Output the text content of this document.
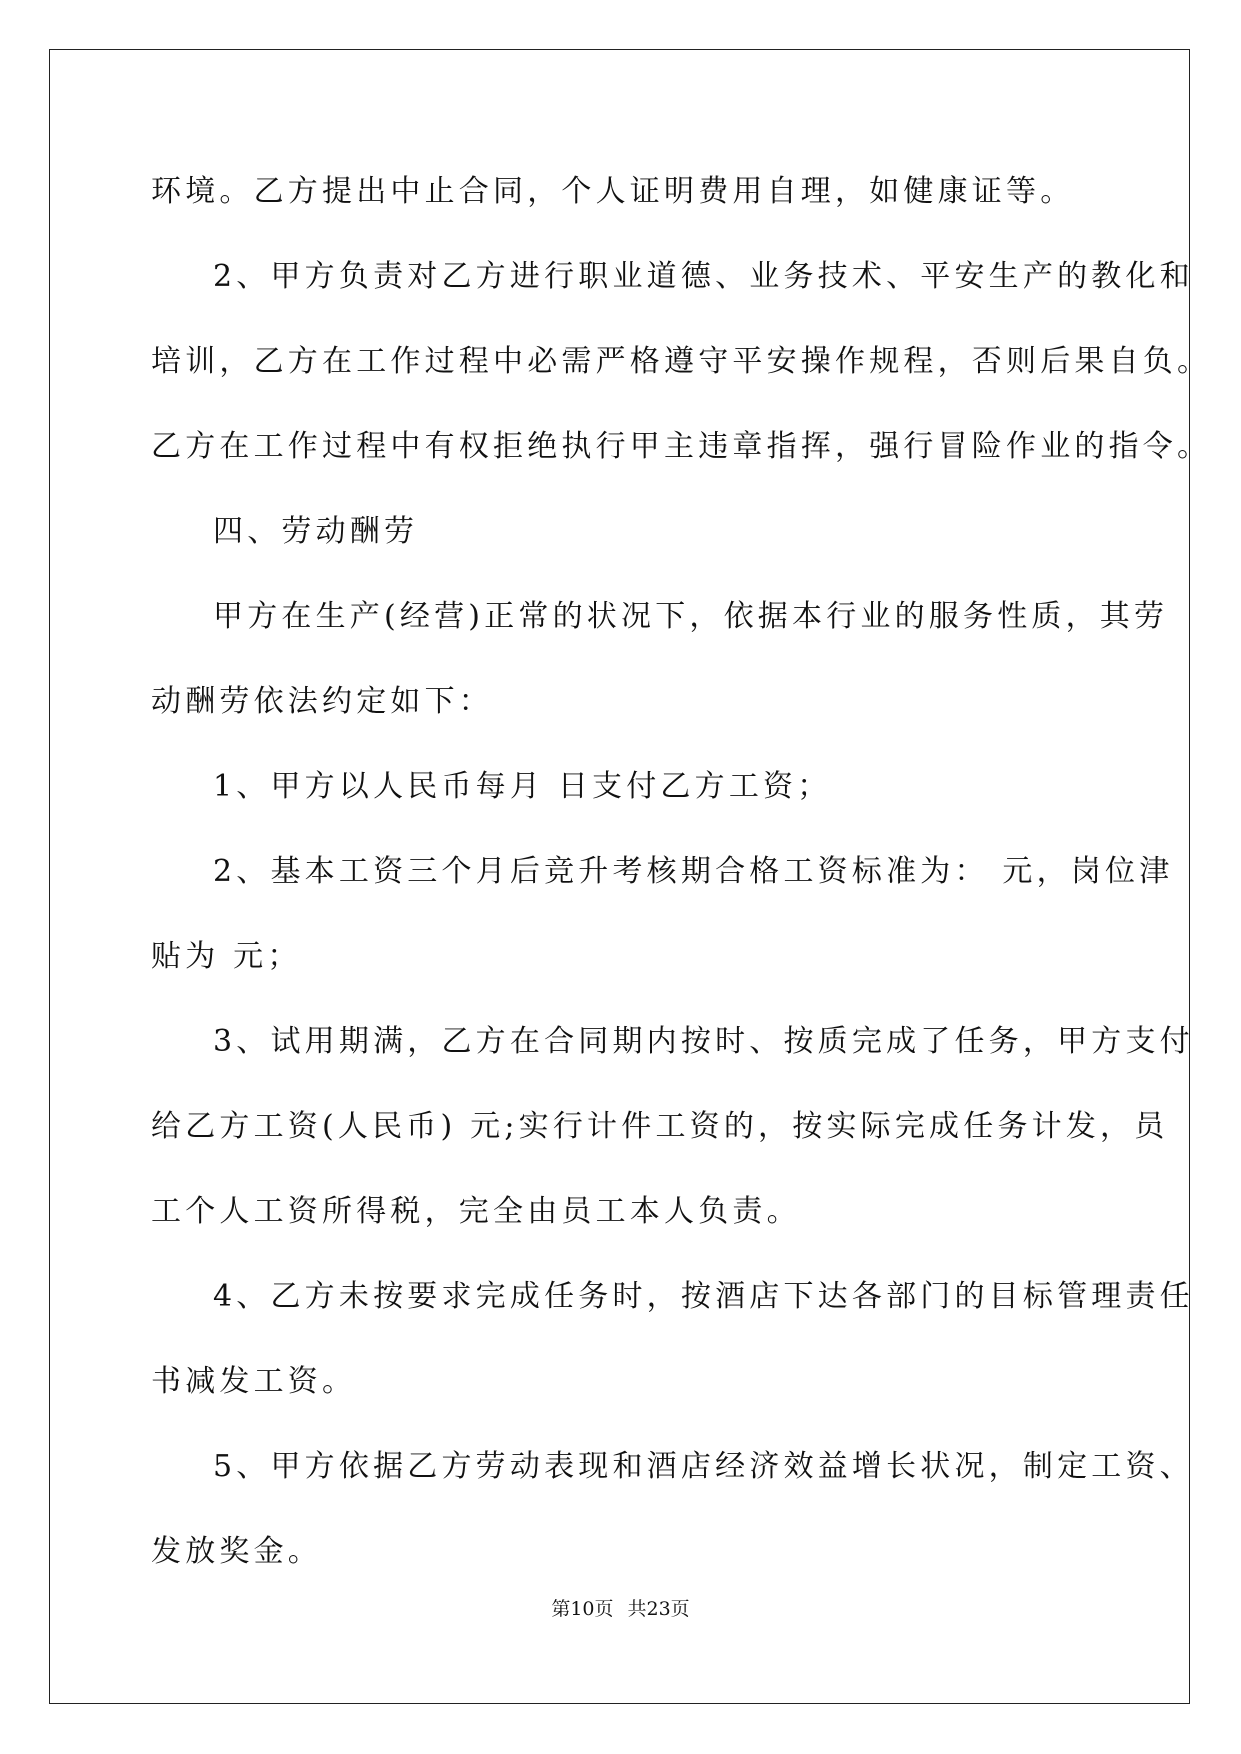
环境。乙方提出中止合同，个人证明费用自理，如健康证等。
2、甲方负责对乙方进行职业道德、业务技术、平安生产的教化和
培训，乙方在工作过程中必需严格遵守平安操作规程，否则后果自负。
乙方在工作过程中有权拒绝执行甲主违章指挥，强行冒险作业的指令。
四、劳动酬劳
甲方在生产(经营)正常的状况下，依据本行业的服务性质，其劳
动酬劳依法约定如下：
1、甲方以人民币每月 日支付乙方工资；
2、基本工资三个月后竞升考核期合格工资标准为： 元，岗位津
贴为 元；
3、试用期满，乙方在合同期内按时、按质完成了任务，甲方支付
给乙方工资(人民币) 元;实行计件工资的，按实际完成任务计发，员
工个人工资所得税，完全由员工本人负责。
4、乙方未按要求完成任务时，按酒店下达各部门的目标管理责任
书减发工资。
5、甲方依据乙方劳动表现和酒店经济效益增长状况，制定工资、
发放奖金。
第10页 共23页
